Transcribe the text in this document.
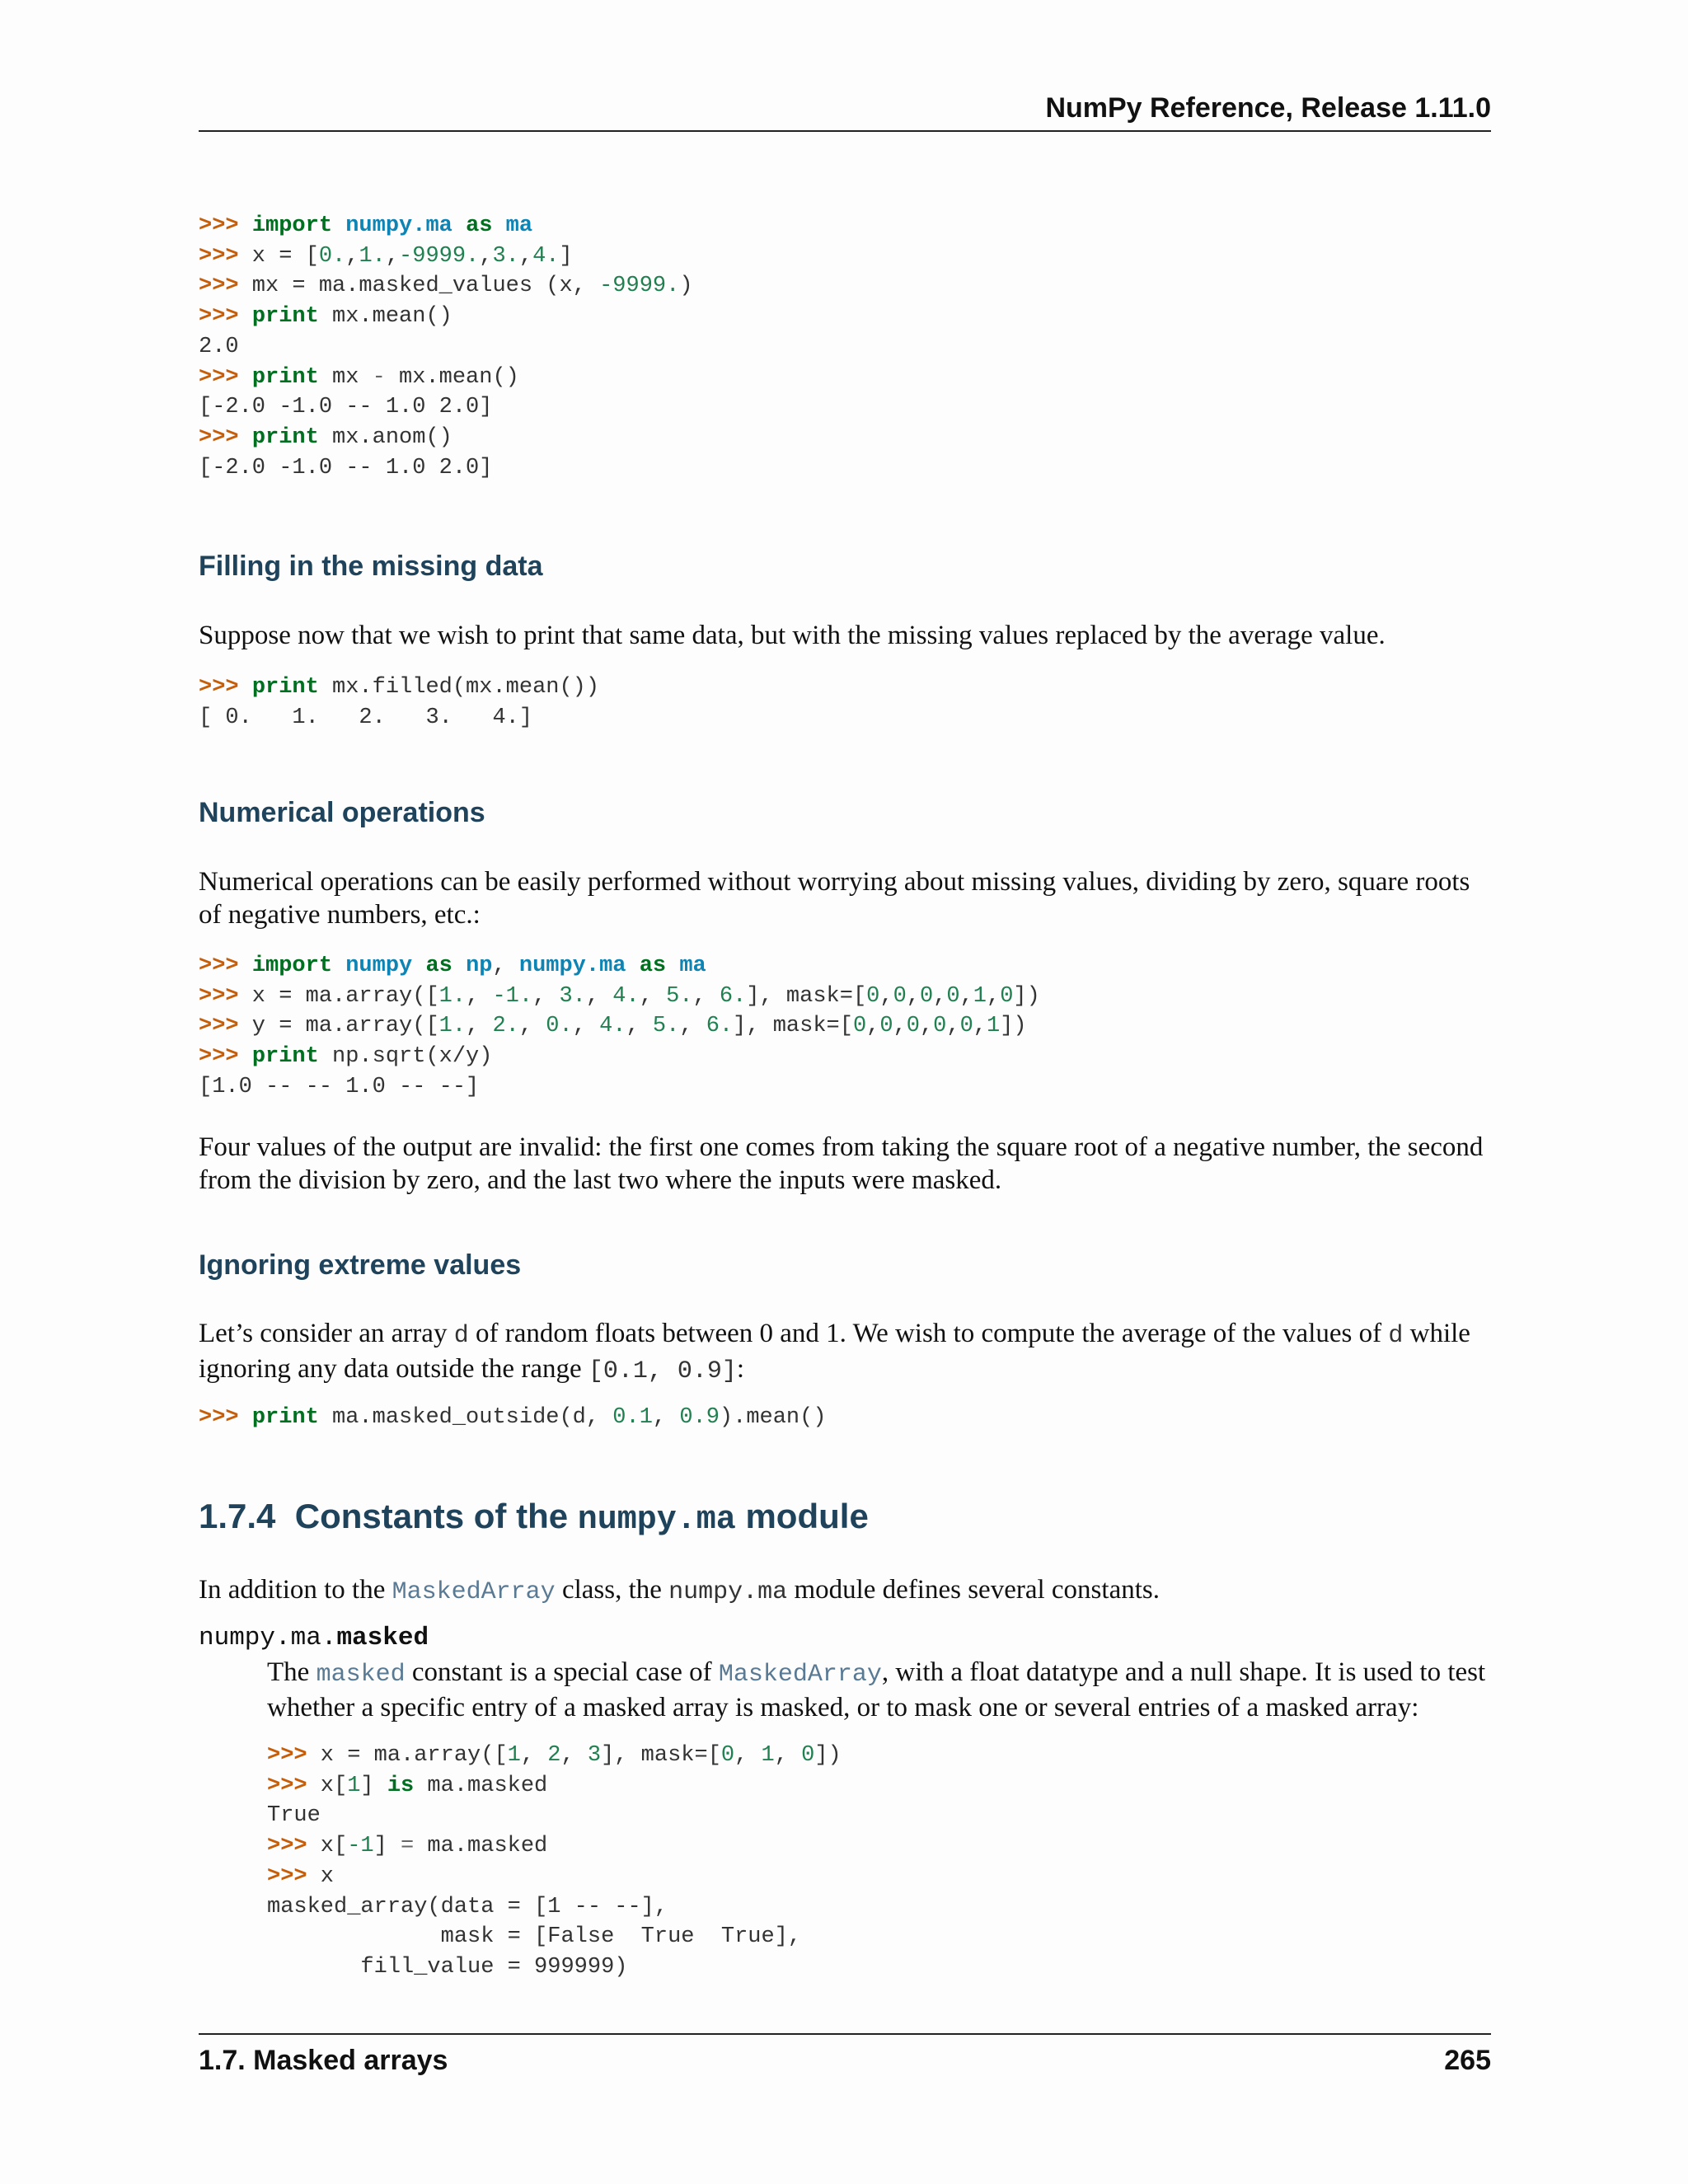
NumPy Reference, Release 1.11.0
>>> import numpy.ma as ma
>>> x = [0.,1.,-9999.,3.,4.]
>>> mx = ma.masked_values (x, -9999.)
>>> print mx.mean()
2.0
>>> print mx - mx.mean()
[-2.0 -1.0 -- 1.0 2.0]
>>> print mx.anom()
[-2.0 -1.0 -- 1.0 2.0]
Filling in the missing data

Suppose now that we wish to print that same data, but with the missing values replaced by the average value.

>>> print mx.filled(mx.mean())
[ 0.   1.   2.   3.   4.]
Numerical operations

Numerical operations can be easily performed without worrying about missing values, dividing by zero, square roots of negative numbers, etc.:

>>> import numpy as np, numpy.ma as ma
>>> x = ma.array([1., -1., 3., 4., 5., 6.], mask=[0,0,0,0,1,0])
>>> y = ma.array([1., 2., 0., 4., 5., 6.], mask=[0,0,0,0,0,1])
>>> print np.sqrt(x/y)
[1.0 -- -- 1.0 -- --]

Four values of the output are invalid: the first one comes from taking the square root of a negative number, the second from the division by zero, and the last two where the inputs were masked.

Ignoring extreme values

Let’s consider an array d of random floats between 0 and 1. We wish to compute the average of the values of d while ignoring any data outside the range [0.1, 0.9]:

>>> print ma.masked_outside(d, 0.1, 0.9).mean()
1.7.4 Constants of the numpy.ma module

In addition to the MaskedArray class, the numpy.ma module defines several constants.

numpy.ma.masked

The masked constant is a special case of MaskedArray, with a float datatype and a null shape. It is used to test whether a specific entry of a masked array is masked, or to mask one or several entries of a masked array:

>>> x = ma.array([1, 2, 3], mask=[0, 1, 0])
>>> x[1] is ma.masked
True
>>> x[-1] = ma.masked
>>> x
masked_array(data = [1 -- --],
mask = [False  True  True],
fill_value = 999999)
1.7. Masked arrays	265
